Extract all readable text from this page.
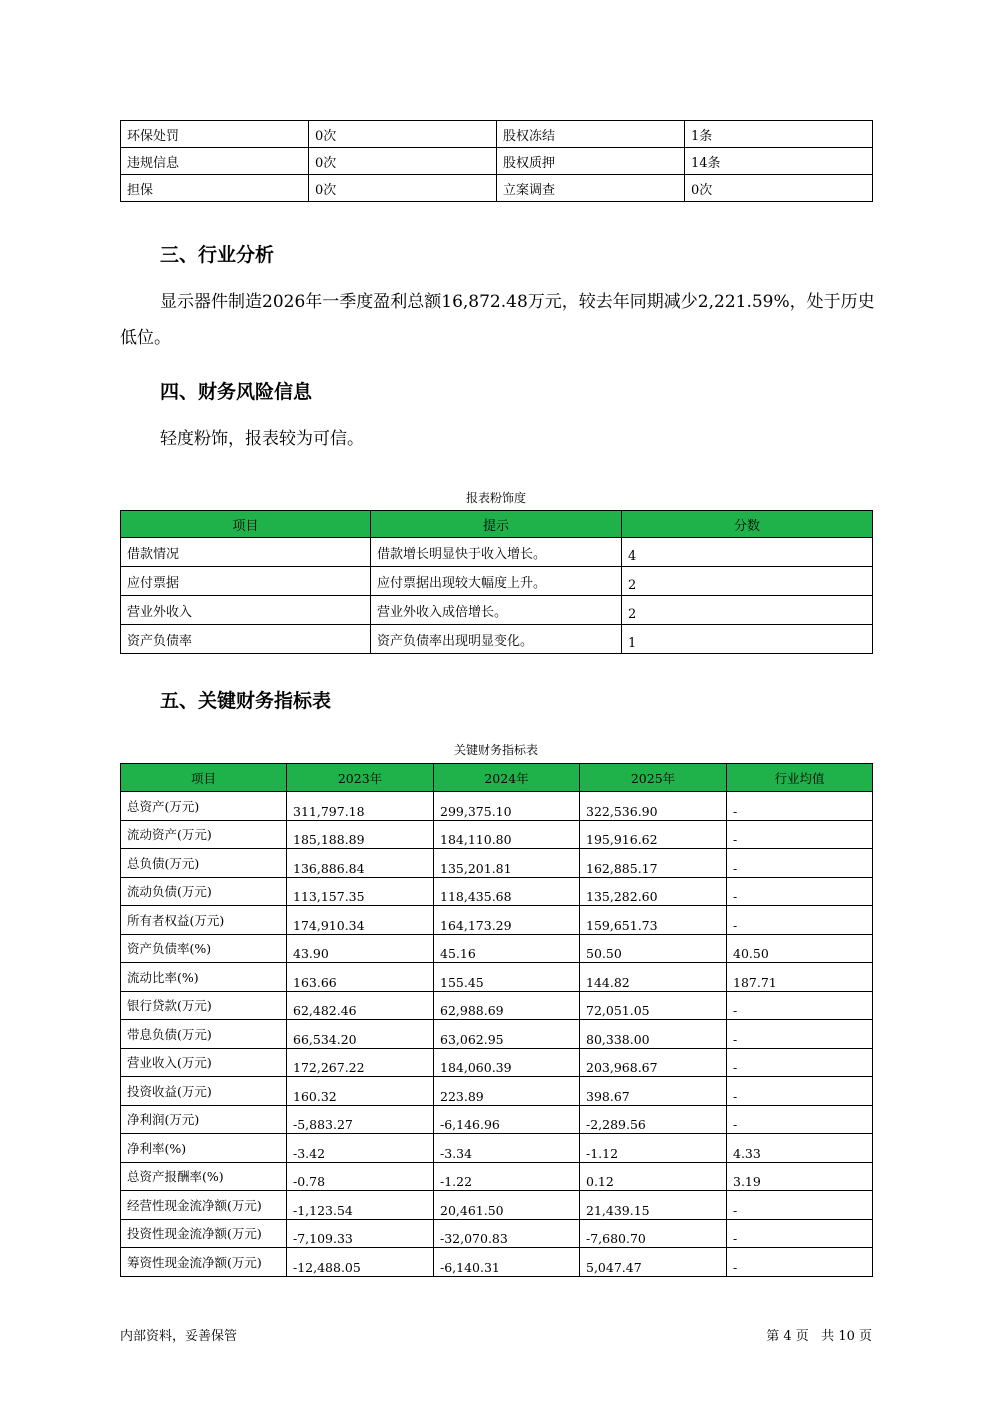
环保处罚	0次	股权冻结	1条
违规信息	0次	股权质押	14条
担保	0次	立案调查	0次
三、行业分析
显示器件制造2026年一季度盈利总额16,872.48万元，较去年同期减少2,221.59%，处于历史低位。
四、财务风险信息
轻度粉饰，报表较为可信。
报表粉饰度
项目	提示	分数
借款情况	借款增长明显快于收入增长。	4
应付票据	应付票据出现较大幅度上升。	2
营业外收入	营业外收入成倍增长。	2
资产负债率	资产负债率出现明显变化。	1
五、关键财务指标表
关键财务指标表
项目	2023年	2024年	2025年	行业均值
总资产(万元)	311,797.18	299,375.10	322,536.90	-
流动资产(万元)	185,188.89	184,110.80	195,916.62	-
总负债(万元)	136,886.84	135,201.81	162,885.17	-
流动负债(万元)	113,157.35	118,435.68	135,282.60	-
所有者权益(万元)	174,910.34	164,173.29	159,651.73	-
资产负债率(%)	43.90	45.16	50.50	40.50
流动比率(%)	163.66	155.45	144.82	187.71
银行贷款(万元)	62,482.46	62,988.69	72,051.05	-
带息负债(万元)	66,534.20	63,062.95	80,338.00	-
营业收入(万元)	172,267.22	184,060.39	203,968.67	-
投资收益(万元)	160.32	223.89	398.67	-
净利润(万元)	-5,883.27	-6,146.96	-2,289.56	-
净利率(%)	-3.42	-3.34	-1.12	4.33
总资产报酬率(%)	-0.78	-1.22	0.12	3.19
经营性现金流净额(万元)	-1,123.54	20,461.50	21,439.15	-
投资性现金流净额(万元)	-7,109.33	-32,070.83	-7,680.70	-
筹资性现金流净额(万元)	-12,488.05	-6,140.31	5,047.47	-
内部资料，妥善保管	第 4 页   共 10 页
